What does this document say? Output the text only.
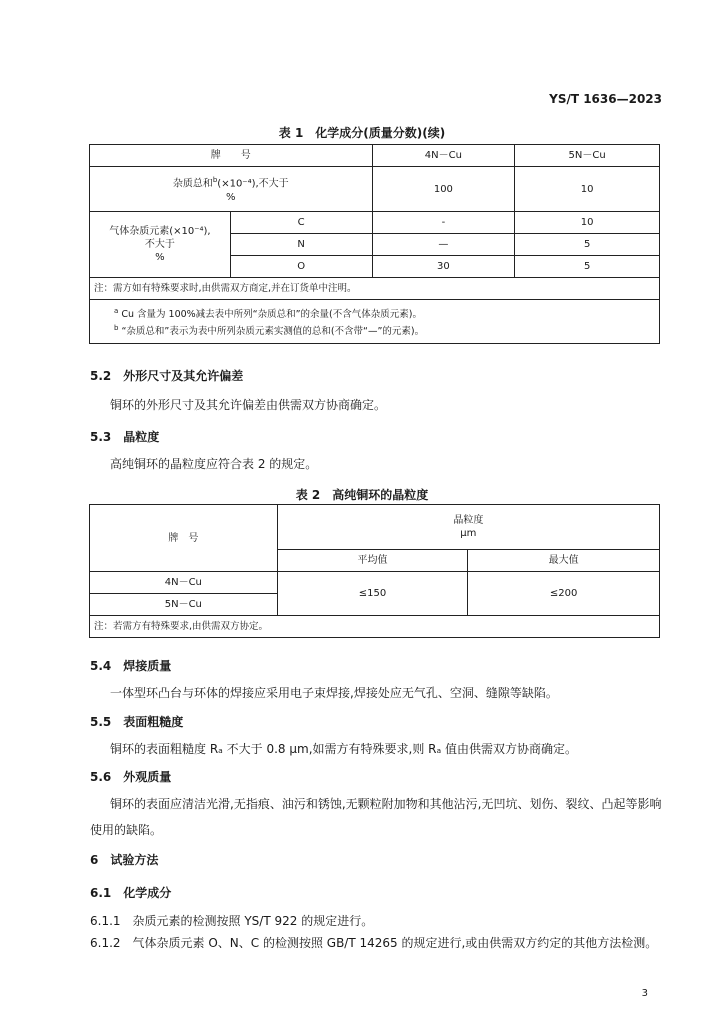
YS/T 1636—2023
表 1　化学成分(质量分数)(续)
牌　　号		4N－Cu	5N－Cu
杂质总和$^b$(×10⁻⁴),不大于
%		100	10
气体杂质元素(×10⁻⁴),
不大于
%	C	-	10
	N	—	5
	O	30	5
注：需方如有特殊要求时,由供需双方商定,并在订货单中注明。			
$^a$ Cu 含量为 100%减去表中所列“杂质总和”的余量(不含气体杂质元素)。
$^b$ “杂质总和”表示为表中所列杂质元素实测值的总和(不含带“—”的元素)。			
5.2　外形尺寸及其允许偏差
铜环的外形尺寸及其允许偏差由供需双方协商确定。
5.3　晶粒度
高纯铜环的晶粒度应符合表 2 的规定。
表 2　高纯铜环的晶粒度
牌　号	晶粒度
μm	
	平均值	最大值
4N－Cu	≤150	≤200
5N－Cu		
注：若需方有特殊要求,由供需双方协定。		
5.4　焊接质量
一体型环凸台与环体的焊接应采用电子束焊接,焊接处应无气孔、空洞、缝隙等缺陷。
5.5　表面粗糙度
铜环的表面粗糙度 Rₐ 不大于 0.8 μm,如需方有特殊要求,则 Rₐ 值由供需双方协商确定。
5.6　外观质量
铜环的表面应清洁光滑,无指痕、油污和锈蚀,无颗粒附加物和其他沾污,无凹坑、划伤、裂纹、凸起等影响使用的缺陷。
6　试验方法
6.1　化学成分
6.1.1　杂质元素的检测按照 YS/T 922 的规定进行。
6.1.2　气体杂质元素 O、N、C 的检测按照 GB/T 14265 的规定进行,或由供需双方约定的其他方法检测。
3
